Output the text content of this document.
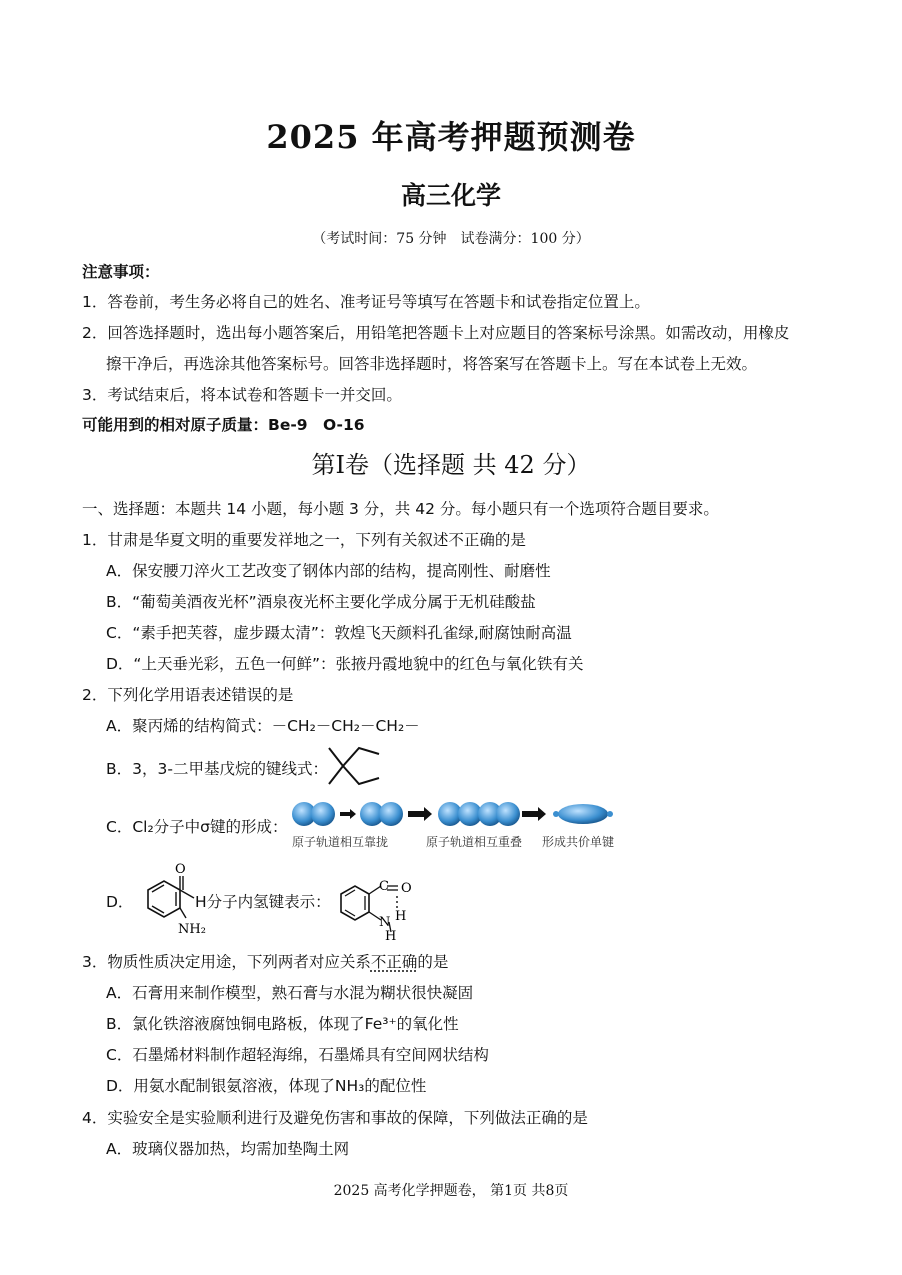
2025 年高考押题预测卷
高三化学
（考试时间：75 分钟　试卷满分：100 分）
注意事项：
1．答卷前，考生务必将自己的姓名、准考证号等填写在答题卡和试卷指定位置上。
2．回答选择题时，选出每小题答案后，用铅笔把答题卡上对应题目的答案标号涂黑。如需改动，用橡皮
擦干净后，再选涂其他答案标号。回答非选择题时，将答案写在答题卡上。写在本试卷上无效。
3．考试结束后，将本试卷和答题卡一并交回。
可能用到的相对原子质量：Be-9　O-16
第Ⅰ卷（选择题 共 42 分）
一、选择题：本题共 14 小题，每小题 3 分，共 42 分。每小题只有一个选项符合题目要求。
1．甘肃是华夏文明的重要发祥地之一，下列有关叙述不正确的是
A．保安腰刀淬火工艺改变了钢体内部的结构，提高刚性、耐磨性
B．“葡萄美酒夜光杯”酒泉夜光杯主要化学成分属于无机硅酸盐
C．“素手把芙蓉，虚步蹑太清”：敦煌飞天颜料孔雀绿,耐腐蚀耐高温
D．“上天垂光彩，五色一何鲜”：张掖丹霞地貌中的红色与氧化铁有关
2．下列化学用语表述错误的是
A．聚丙烯的结构简式：－CH₂－CH₂－CH₂－
B．3，3-二甲基戊烷的键线式：
C．Cl₂分子中σ键的形成：
原子轨道相互靠拢	原子轨道相互重叠 形成共价单键
D．
O
NH₂
H分子内氢键表示：
C O
N H
H
3．物质性质决定用途，下列两者对应关系不正确的是
A．石膏用来制作模型，熟石膏与水混为糊状很快凝固
B．氯化铁溶液腐蚀铜电路板，体现了Fe³⁺的氧化性
C．石墨烯材料制作超轻海绵，石墨烯具有空间网状结构
D．用氨水配制银氨溶液，体现了NH₃的配位性
4．实验安全是实验顺利进行及避免伤害和事故的保障，下列做法正确的是
A．玻璃仪器加热，均需加垫陶土网
2025 高考化学押题卷， 第1页 共8页
